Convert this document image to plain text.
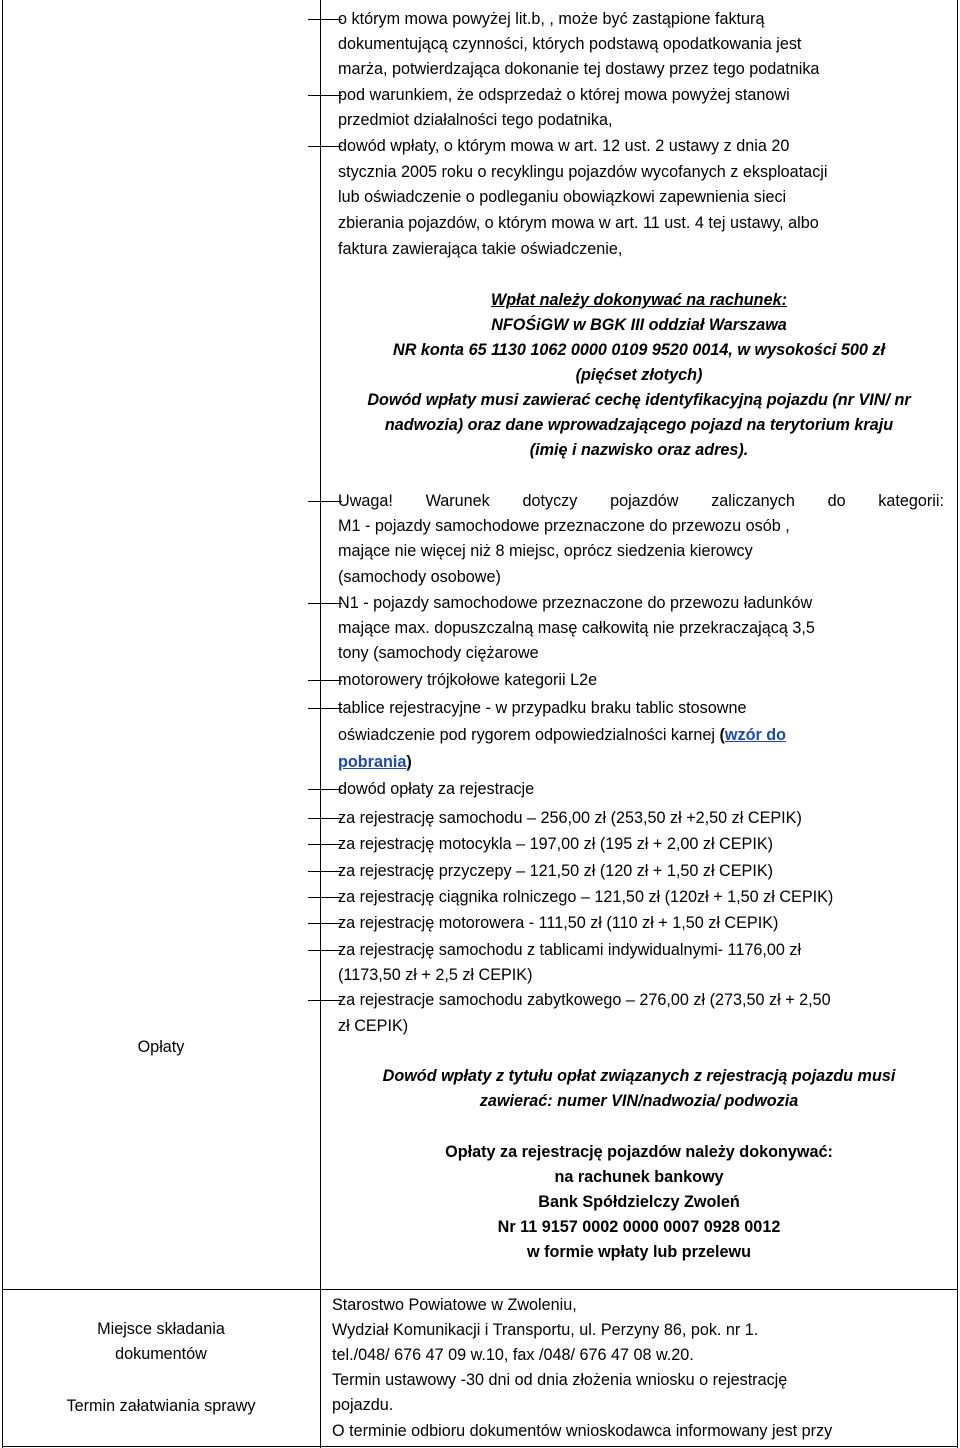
o którym mowa powyżej lit.b, , może być zastąpione fakturą
dokumentującą czynności, których podstawą opodatkowania jest
marża, potwierdzająca dokonanie tej dostawy przez tego podatnika
pod warunkiem, że odsprzedaż o której mowa powyżej stanowi
przedmiot działalności tego podatnika,
dowód wpłaty, o którym mowa w art. 12 ust. 2 ustawy z dnia 20
stycznia 2005 roku o recyklingu pojazdów wycofanych z eksploatacji
lub oświadczenie o podleganiu obowiązkowi zapewnienia sieci
zbierania pojazdów, o którym mowa w art. 11 ust. 4 tej ustawy, albo
faktura zawierająca takie oświadczenie,
Wpłat należy dokonywać na rachunek:
NFOŚiGW w BGK III oddział Warszawa
NR konta 65 1130 1062 0000 0109 9520 0014, w wysokości 500 zł
(pięćset złotych)
Dowód wpłaty musi zawierać cechę identyfikacyjną pojazdu (nr VIN/ nr
nadwozia) oraz dane wprowadzającego pojazd na terytorium kraju
(imię i nazwisko oraz adres).
Uwaga! Warunek dotyczy pojazdów zaliczanych do kategorii:
M1 - pojazdy samochodowe przeznaczone do przewozu osób ,
mające nie więcej niż 8 miejsc, oprócz siedzenia kierowcy
(samochody osobowe)
N1 - pojazdy samochodowe przeznaczone do przewozu ładunków
mające max. dopuszczalną masę całkowitą nie przekraczającą 3,5
tony (samochody ciężarowe
motorowery trójkołowe kategorii L2e
tablice rejestracyjne - w przypadku braku tablic stosowne
oświadczenie pod rygorem odpowiedzialności karnej (wzór do
pobrania)
dowód opłaty za rejestracje
za rejestrację samochodu – 256,00 zł (253,50 zł +2,50 zł CEPIK)
za rejestrację motocykla – 197,00 zł (195 zł + 2,00 zł CEPIK)
za rejestrację przyczepy – 121,50 zł (120 zł + 1,50 zł CEPIK)
za rejestrację ciągnika rolniczego – 121,50 zł (120zł + 1,50 zł CEPIK)
za rejestrację motorowera - 111,50 zł (110 zł + 1,50 zł CEPIK)
za rejestrację samochodu z tablicami indywidualnymi- 1176,00 zł
(1173,50 zł + 2,5 zł CEPIK)
za rejestracje samochodu zabytkowego – 276,00 zł (273,50 zł + 2,50
zł CEPIK)
Dowód wpłaty z tytułu opłat związanych z rejestracją pojazdu musi
zawierać: numer VIN/nadwozia/ podwozia
Opłaty za rejestrację pojazdów należy dokonywać:
na rachunek bankowy
Bank Spółdzielczy Zwoleń
Nr 11 9157 0002 0000 0007 0928 0012
w formie wpłaty lub przelewu
Opłaty
Miejsce składania
dokumentów
Termin załatwiania sprawy
Starostwo Powiatowe w Zwoleniu,
Wydział Komunikacji i Transportu, ul. Perzyny 86, pok. nr 1.
tel./048/ 676 47 09 w.10, fax /048/ 676 47 08 w.20.
Termin ustawowy -30 dni od dnia złożenia wniosku o rejestrację
pojazdu.
O terminie odbioru dokumentów wnioskodawca informowany jest przy
